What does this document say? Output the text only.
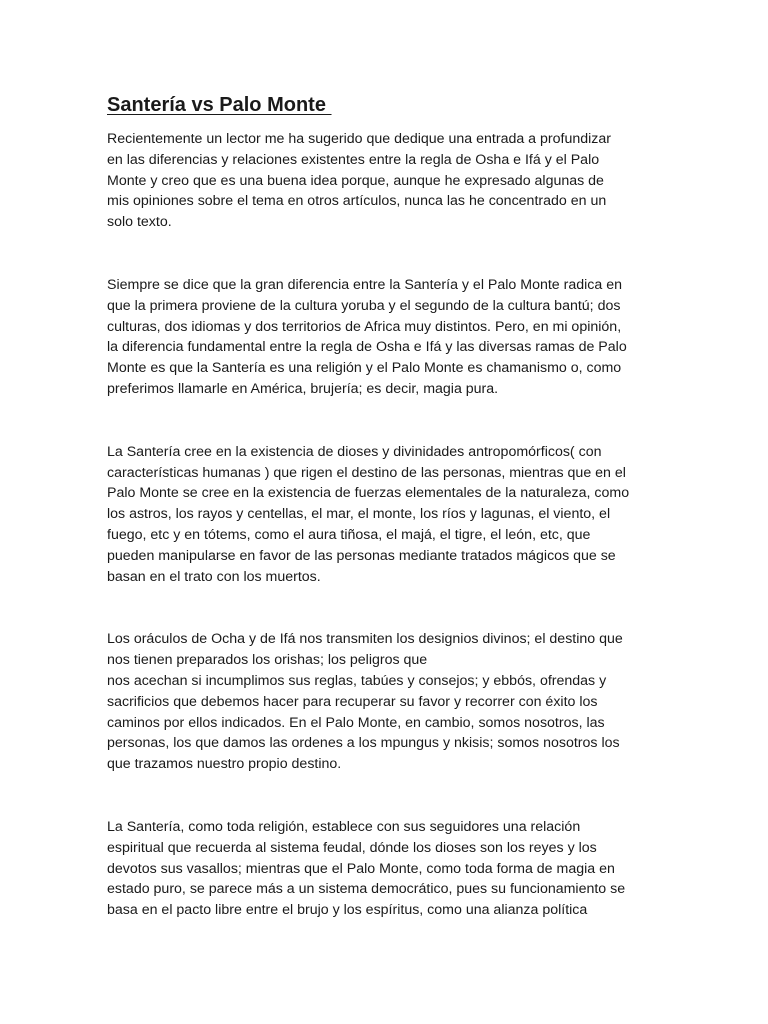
Santería vs Palo Monte

Recientemente un lector me ha sugerido que dedique una entrada a profundizar
en las diferencias y relaciones existentes entre la regla de Osha e Ifá y el Palo
Monte y creo que es una buena idea porque, aunque he expresado algunas de
mis opiniones sobre el tema en otros artículos, nunca las he concentrado en un
solo texto.

Siempre se dice que la gran diferencia entre la Santería y el Palo Monte radica en
que la primera proviene de la cultura yoruba y el segundo de la cultura bantú; dos
culturas, dos idiomas y dos territorios de Africa muy distintos. Pero, en mi opinión,
la diferencia fundamental entre la regla de Osha e Ifá y las diversas ramas de Palo
Monte es que la Santería es una religión y el Palo Monte es chamanismo o, como
preferimos llamarle en América, brujería; es decir, magia pura.

La Santería cree en la existencia de dioses y divinidades antropomórficos( con
características humanas ) que rigen el destino de las personas, mientras que en el
Palo Monte se cree en la existencia de fuerzas elementales de la naturaleza, como
los astros, los rayos y centellas, el mar, el monte, los ríos y lagunas, el viento, el
fuego, etc y en tótems, como el aura tiñosa, el majá, el tigre, el león, etc, que
pueden manipularse en favor de las personas mediante tratados mágicos que se
basan en el trato con los muertos.

Los oráculos de Ocha y de Ifá nos transmiten los designios divinos; el destino que
nos tienen preparados los orishas; los peligros que
nos acechan si incumplimos sus reglas, tabúes y consejos; y ebbós, ofrendas y
sacrificios que debemos hacer para recuperar su favor y recorrer con éxito los
caminos por ellos indicados. En el Palo Monte, en cambio, somos nosotros, las
personas, los que damos las ordenes a los mpungus y nkisis; somos nosotros los
que trazamos nuestro propio destino.

La Santería, como toda religión, establece con sus seguidores una relación
espiritual que recuerda al sistema feudal, dónde los dioses son los reyes y los
devotos sus vasallos; mientras que el Palo Monte, como toda forma de magia en
estado puro, se parece más a un sistema democrático, pues su funcionamiento se
basa en el pacto libre entre el brujo y los espíritus, como una alianza política
